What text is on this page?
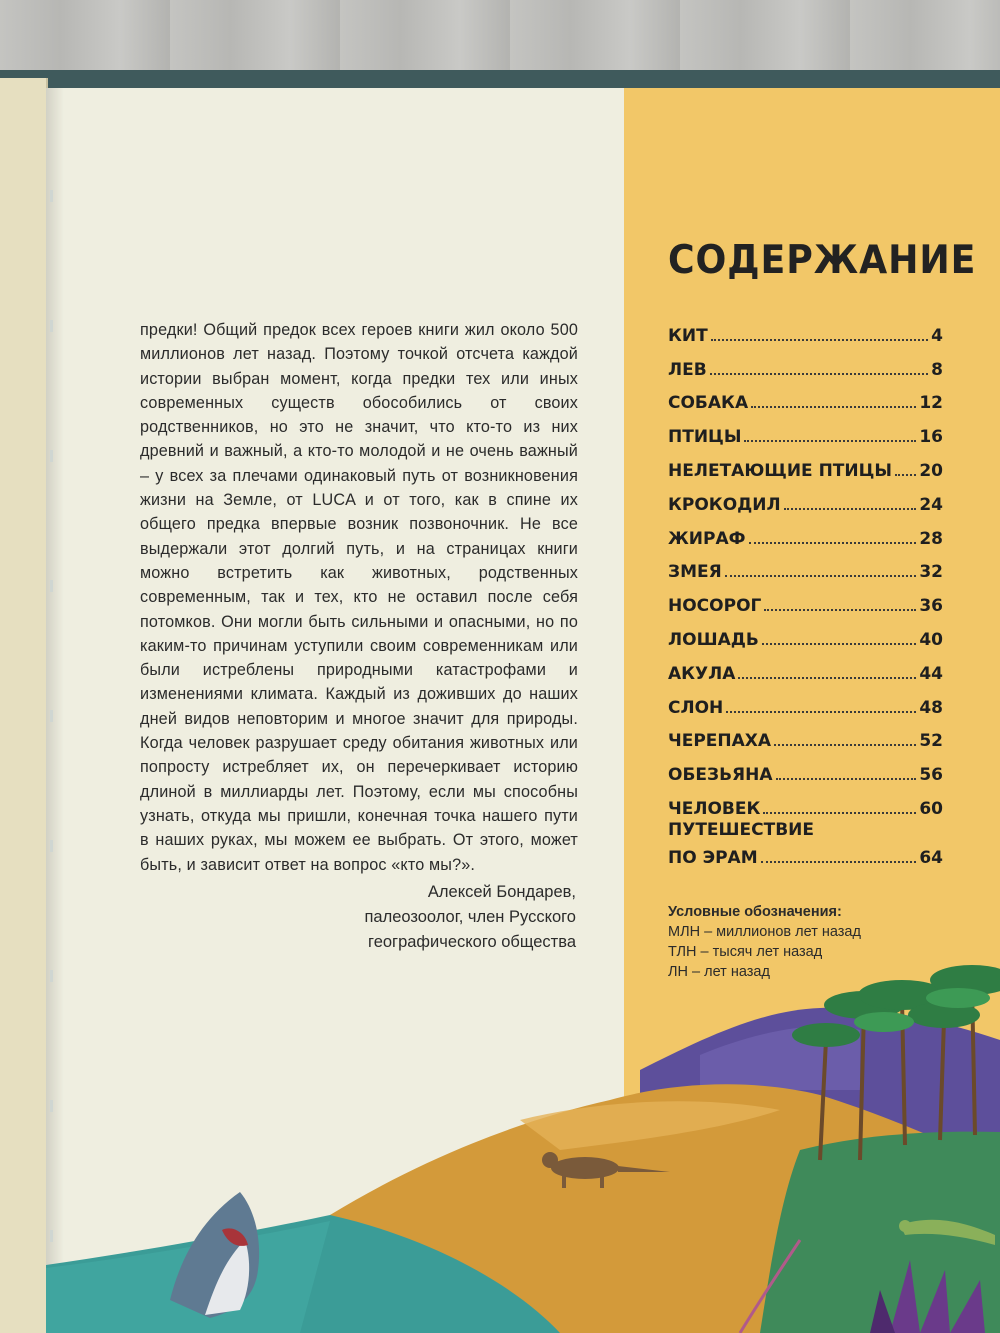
предки! Общий предок всех героев книги жил около 500 миллионов лет назад. Поэтому точкой отсчета каждой истории выбран момент, когда предки тех или иных современных существ обособились от своих родственников, но это не значит, что кто-то из них древний и важный, а кто-то молодой и не очень важный – у всех за плечами одинаковый путь от возникновения жизни на Земле, от LUCA и от того, как в спине их общего предка впервые возник позвоночник. Не все выдержали этот долгий путь, и на страницах книги можно встретить как животных, родственных современным, так и тех, кто не оставил после себя потомков. Они могли быть сильными и опасными, но по каким-то причинам уступили своим современникам или были истреблены природными катастрофами и изменениями климата. Каждый из доживших до наших дней видов неповторим и многое значит для природы. Когда человек разрушает среду обитания животных или попросту истребляет их, он перечеркивает историю длиной в миллиарды лет. Поэтому, если мы способны узнать, откуда мы пришли, конечная точка нашего пути в наших руках, мы можем ее выбрать. От этого, может быть, и зависит ответ на вопрос «кто мы?».

Алексей Бондарев,
палеозоолог, член Русского
географического общества
СОДЕРЖАНИЕ
КИТ	4
ЛЕВ	8
СОБАКА	12
ПТИЦЫ	16
НЕЛЕТАЮЩИЕ ПТИЦЫ 20
КРОКОДИЛ	24
ЖИРАФ	28
ЗМЕЯ	32
НОСОРОГ	36
ЛОШАДЬ	40
АКУЛА	44
СЛОН	48
ЧЕРЕПАХА	52
ОБЕЗЬЯНА	56
ЧЕЛОВЕК	60
ПУТЕШЕСТВИЕ
ПО ЭРАМ	64
Условные обозначения:
МЛН – миллионов лет назад
ТЛН – тысяч лет назад
ЛН – лет назад
